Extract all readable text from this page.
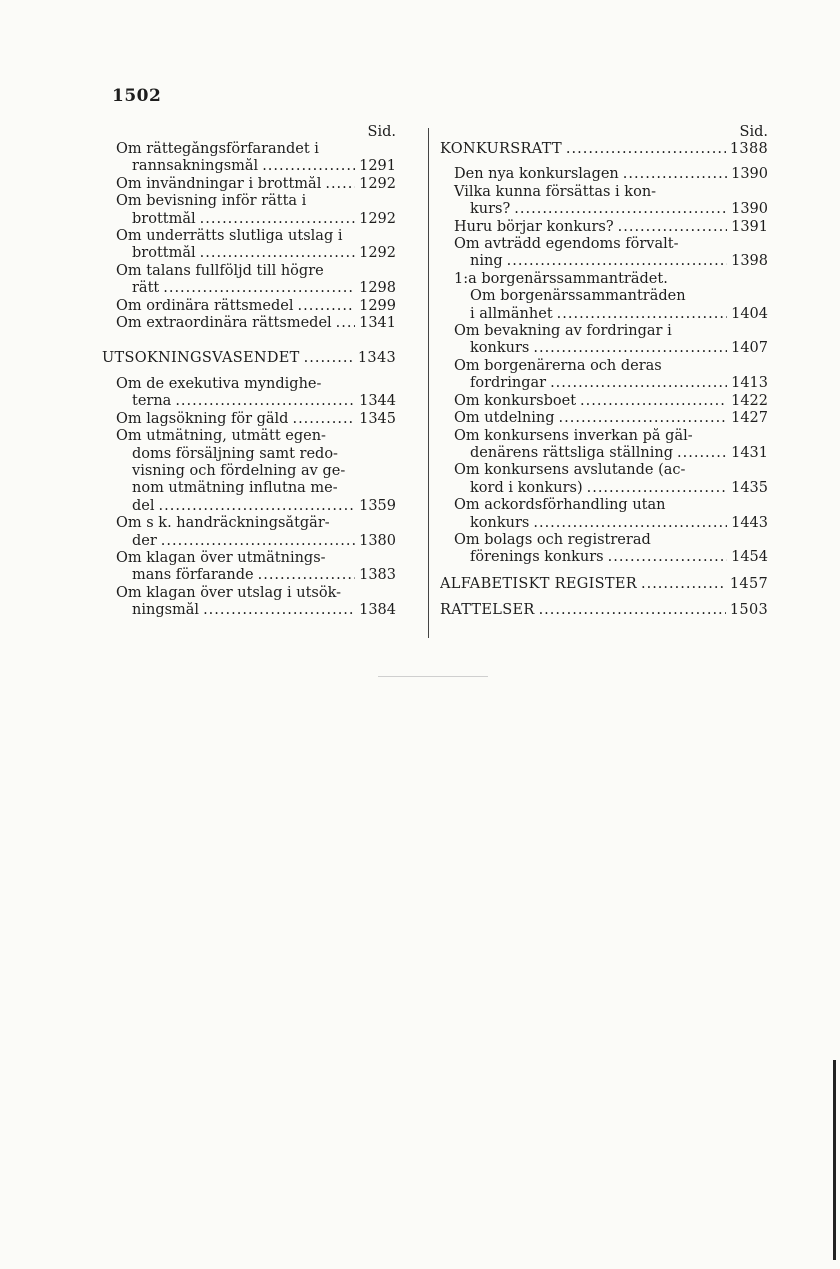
1502
Sid.
Om rättegångsförfarandet i
rannsakningsmål .....	1291
Om invändningar i brottmål .....	1292
Om bevisning inför rätta i
brottmål .....	1292
Om underrätts slutliga utslag i
brottmål .....	1292
Om talans fullföljd till högre
rätt .....	1298
Om ordinära rättsmedel .....	1299
Om extraordinära rättsmedel ..... 1341
UTSÖKNINGSVÄSENDET .....	1343
Om de exekutiva myndighe-
terna .....	1344
Om lagsökning för gäld .....	1345
Om utmätning, utmätt egen-
doms försäljning samt redo-
visning och fördelning av ge-
nom utmätning influtna me-
del .....	1359
Om s k. handräckningsåtgär-
der .....	1380
Om klagan över utmätnings-
mans förfarande .....	1383
Om klagan över utslag i utsök-
ningsmål .....	1384
Sid.
KONKURSRÄTT .....	1388
Den nya konkurslagen .....	1390
Vilka kunna försättas i kon-
kurs? .....	1390
Huru börjar konkurs? .....	1391
Om avträdd egendoms förvalt-
ning .....	1398
1:a borgenärssammanträdet.
Om borgenärssammanträden
i allmänhet .....	1404
Om bevakning av fordringar i
konkurs .....	1407
Om borgenärerna och deras
fordringar .....	1413
Om konkursboet .....	1422
Om utdelning .....	1427
Om konkursens inverkan på gäl-
denärens rättsliga ställning .....	1431
Om konkursens avslutande (ac-
kord i konkurs) .....	1435
Om ackordsförhandling utan
konkurs .....	1443
Om bolags och registrerad
förenings konkurs .....	1454
ALFABETISKT REGISTER .....	1457
RÄTTELSER .....	1503
